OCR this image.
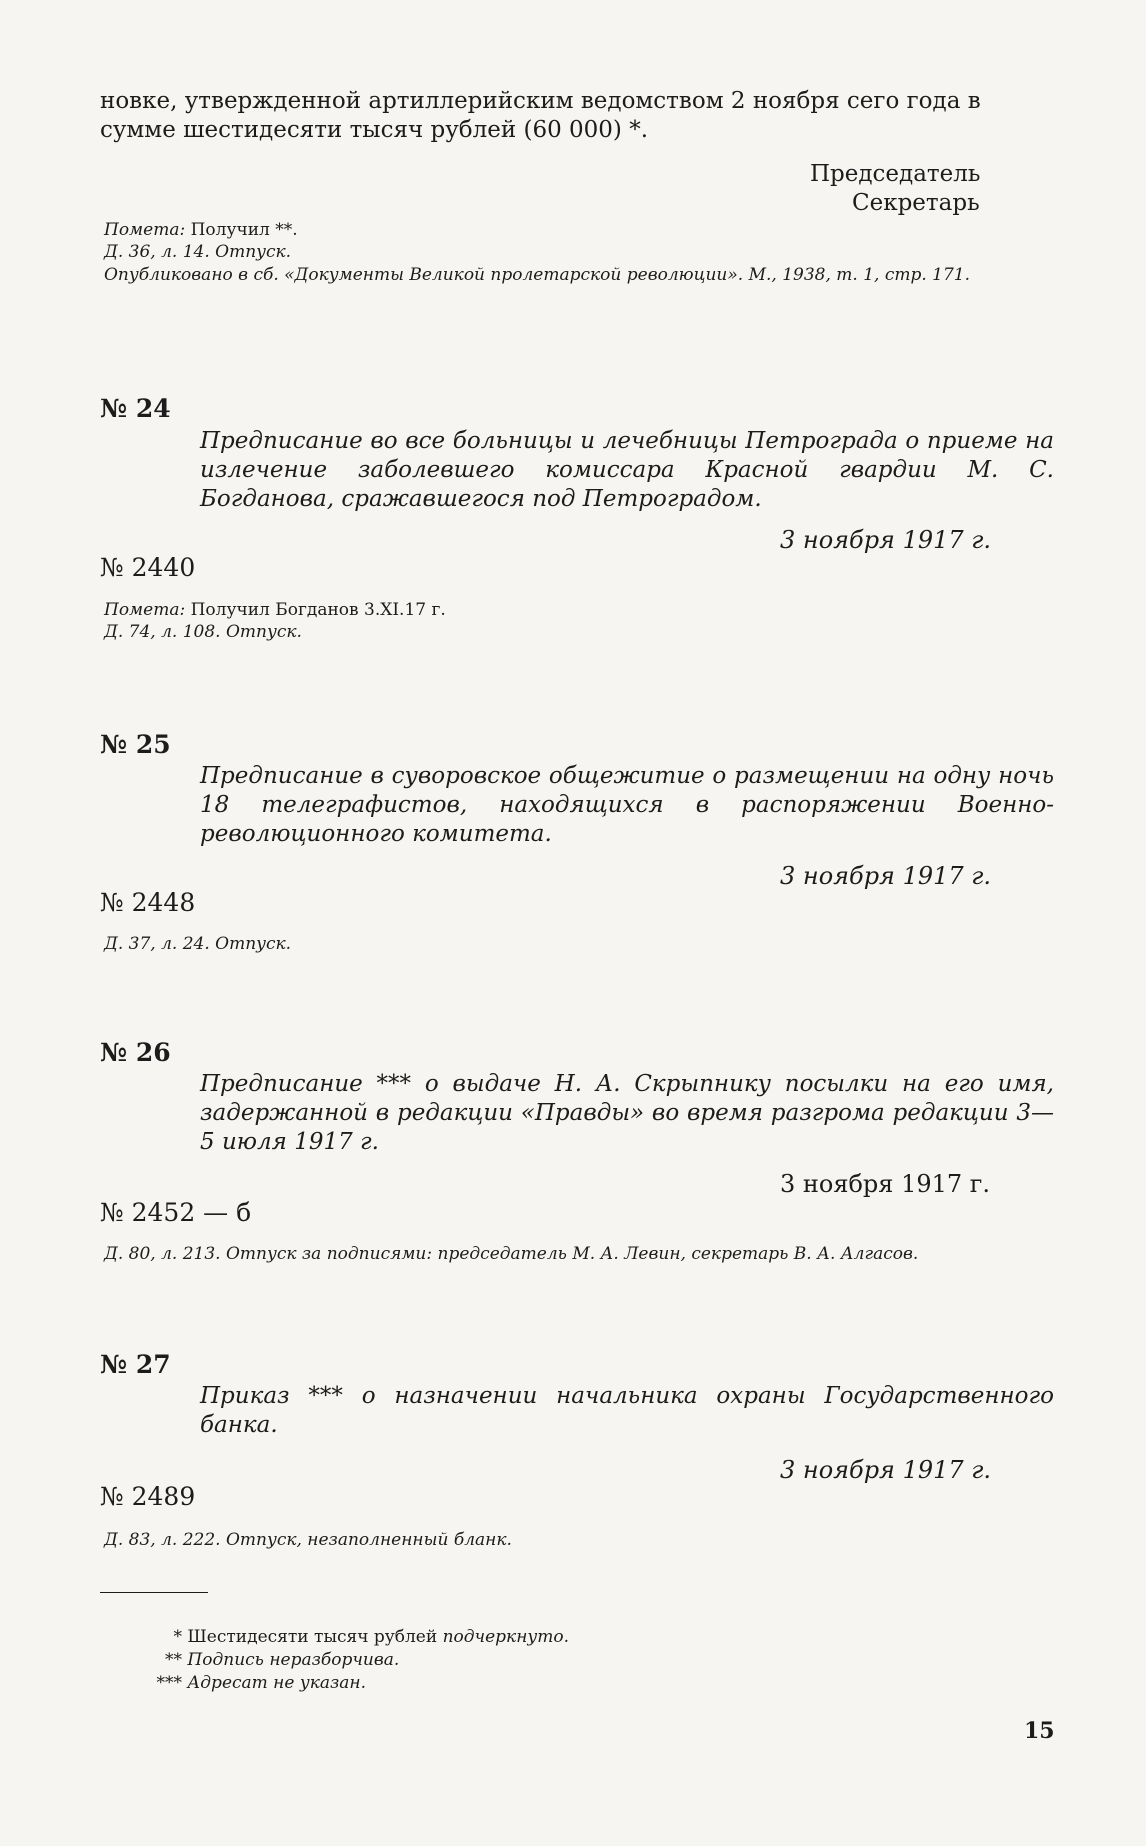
новке, утвержденной артиллерийским ведомством 2 ноября сего года в
сумме шестидесяти тысяч рублей (60 000) *.
Председатель
Секретарь
Помета: Получил **.
Д. 36, л. 14. Отпуск.
Опубликовано в сб. «Документы Великой пролетарской революции». М., 1938, т. 1, стр. 171.
№ 24
Предписание во все больницы и лечебницы Петрограда о приеме на излечение заболевшего комиссара Красной гвардии М. С. Богданова, сражавшегося под Петроградом.
3 ноября 1917 г.
№ 2440
Помета: Получил Богданов 3.XI.17 г.
Д. 74, л. 108. Отпуск.
№ 25
Предписание в суворовское общежитие о размещении на одну ночь 18 телеграфистов, находящихся в распоряжении Военно-революционного комитета.
3 ноября 1917 г.
№ 2448
Д. 37, л. 24. Отпуск.
№ 26
Предписание *** о выдаче Н. А. Скрыпнику посылки на его имя, задержанной в редакции «Правды» во время разгрома редакции 3—5 июля 1917 г.
3 ноября 1917 г.
№ 2452 — б
Д. 80, л. 213. Отпуск за подписями: председатель М. А. Левин, секретарь В. А. Алгасов.
№ 27
Приказ *** о назначении начальника охраны Государственного банка.
3 ноября 1917 г.
№ 2489
Д. 83, л. 222. Отпуск, незаполненный бланк.
* Шестидесяти тысяч рублей подчеркнуто.
** Подпись неразборчива.
*** Адресат не указан.
15
